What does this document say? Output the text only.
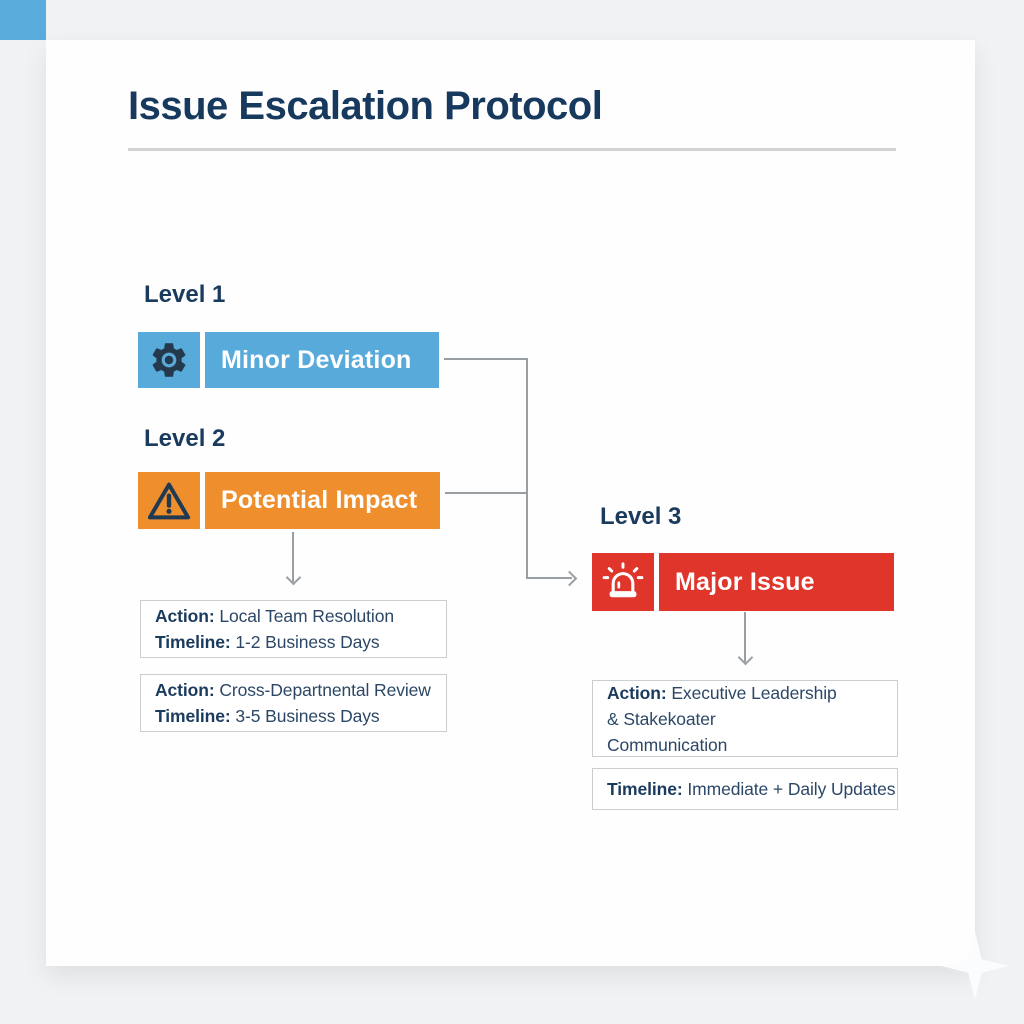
Issue Escalation Protocol
Level 1
Minor Deviation
Level 2
Potential Impact
Level 3
Major Issue
Action: Local Team Resolution
Timeline: 1-2 Business Days
Action: Cross-Departnental Review
Timeline: 3-5 Business Days
Action: Executive Leadership
& Stakekoater
Communication
Timeline: Immediate + Daily Updates
